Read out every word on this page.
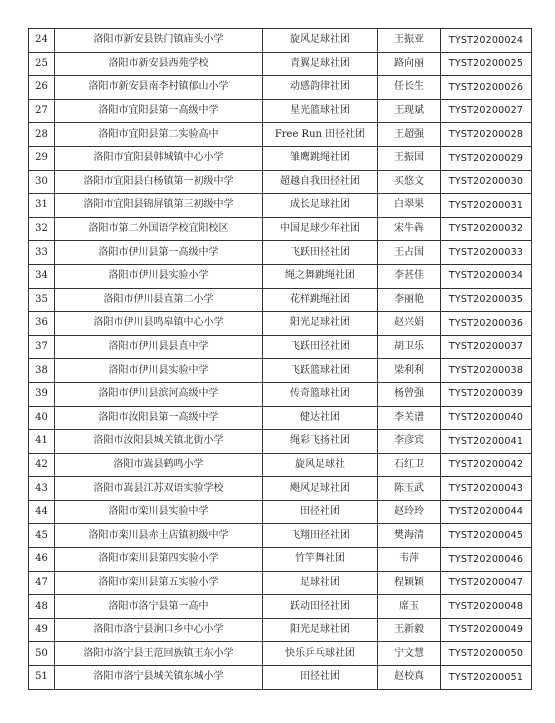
24	洛阳市新安县铁门镇庙头小学	旋风足球社团	王振亚	TYST20200024
25	洛阳市新安县西苑学校	青翼足球社团	路向丽	TYST20200025
26	洛阳市新安县南李村镇郁山小学	动感韵律社团	任长生	TYST20200026
27	洛阳市宜阳县第一高级中学	星光篮球社团	王现斌	TYST20200027
28	洛阳市宜阳县第二实验高中	Free Run 田径社团	王超强	TYST20200028
29	洛阳市宜阳县韩城镇中心小学	雏鹰跳绳社团	王振国	TYST20200029
30	洛阳市宜阳县白杨镇第一初级中学	超越自我田径社团	买悠文	TYST20200030
31	洛阳市宜阳县锦屏镇第三初级中学	成长足球社团	白翠果	TYST20200031
32	洛阳市第二外国语学校宜阳校区	中国足球少年社团	宋牛犇	TYST20200032
33	洛阳市伊川县第一高级中学	飞跃田径社团	王占国	TYST20200033
34	洛阳市伊川县实验小学	绳之舞跳绳社团	李甚佳	TYST20200034
35	洛阳市伊川县直第二小学	花样跳绳社团	李丽艳	TYST20200035
36	洛阳市伊川县鸣皋镇中心小学	阳光足球社团	赵兴娟	TYST20200036
37	洛阳市伊川县县直中学	飞跃田径社团	胡卫乐	TYST20200037
38	洛阳市伊川县实验中学	飞跃篮球社团	梁利利	TYST20200038
39	洛阳市伊川县滨河高级中学	传奇篮球社团	杨曾强	TYST20200039
40	洛阳市汝阳县第一高级中学	健达社团	李关谱	TYST20200040
41	洛阳市汝阳县城关镇北街小学	绳彩飞扬社团	李彦宾	TYST20200041
42	洛阳市嵩县鹤鸣小学	旋风足球社	石红卫	TYST20200042
43	洛阳市嵩县江苏双语实验学校	飓风足球社团	陈玉武	TYST20200043
44	洛阳市栾川县实验中学	田径社团	赵玲玲	TYST20200044
45	洛阳市栾川县赤土店镇初级中学	飞翔田径社团	樊海清	TYST20200045
46	洛阳市栾川县第四实验小学	竹竿舞社团	韦萍	TYST20200046
47	洛阳市栾川县第五实验小学	足球社团	程颖颖	TYST20200047
48	洛阳市洛宁县第一高中	跃动田径社团	席玉	TYST20200048
49	洛阳市洛宁县涧口乡中心小学	阳光足球社团	王新毅	TYST20200049
50	洛阳市洛宁县王范回族镇王东小学	快乐乒乓球社团	宁文慧	TYST20200050
51	洛阳市洛宁县城关镇东城小学	田径社团	赵校真	TYST20200051
